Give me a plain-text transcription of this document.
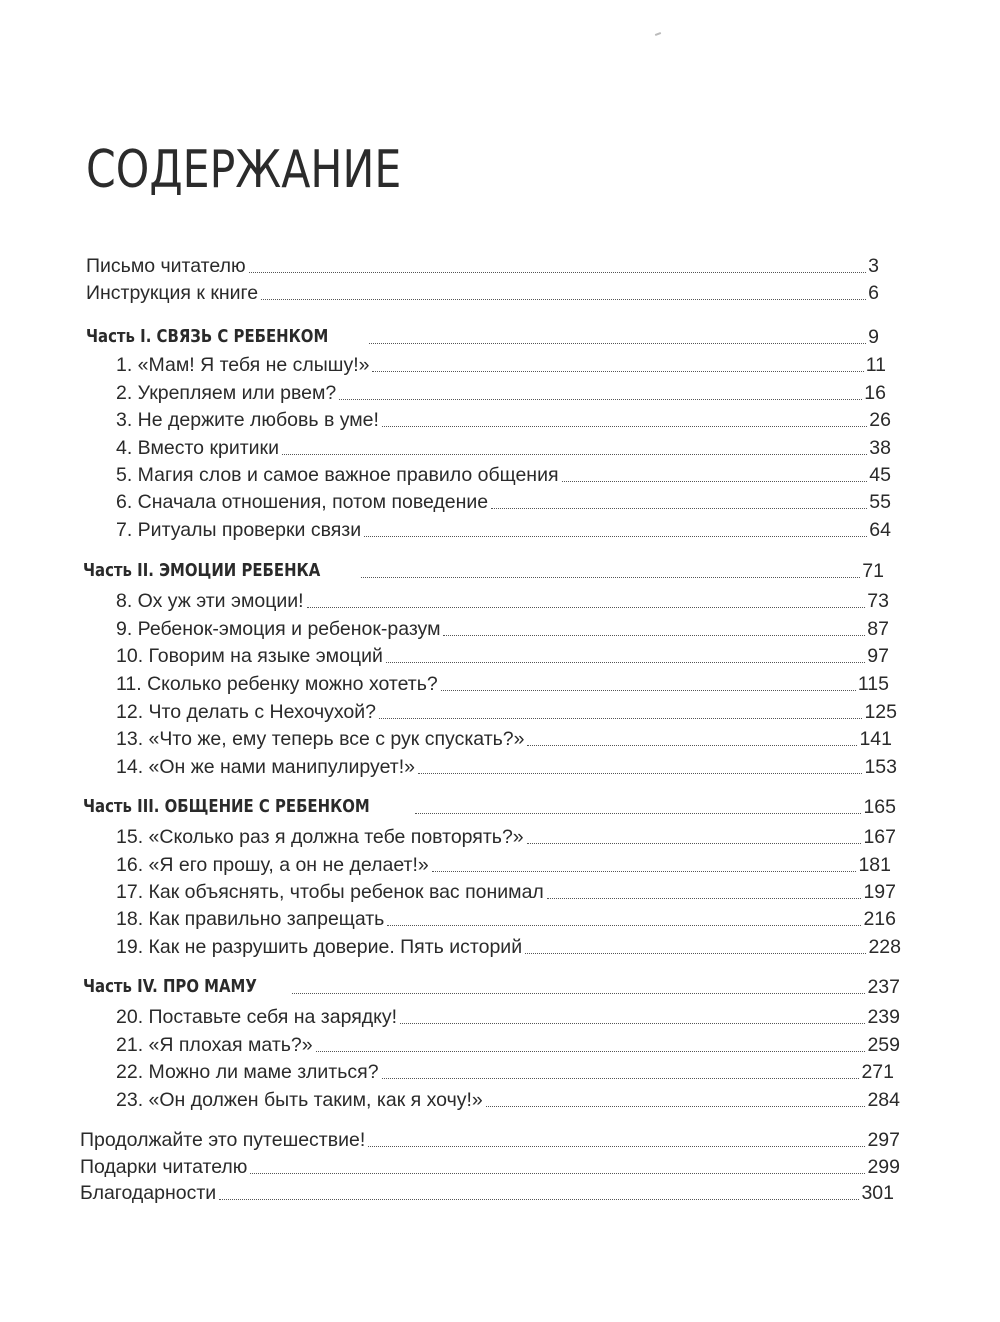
СОДЕРЖАНИЕ
Письмо читателю	3
Инструкция к книге	6
Часть I. СВЯЗЬ С РЕБЕНКОМ	9
1. «Мам! Я тебя не слышу!»	11
2. Укрепляем или рвем?	16
3. Не держите любовь в уме!	26
4. Вместо критики	38
5. Магия слов и самое важное правило общения	45
6. Сначала отношения, потом поведение	55
7. Ритуалы проверки связи	64
Часть II. ЭМОЦИИ РЕБЕНКА	71
8. Ох уж эти эмоции!	73
9. Ребенок-эмоция и ребенок-разум	87
10. Говорим на языке эмоций	97
11. Сколько ребенку можно хотеть?	115
12. Что делать с Нехочухой?	125
13. «Что же, ему теперь все с рук спускать?»	141
14. «Он же нами манипулирует!»	153
Часть III. ОБЩЕНИЕ С РЕБЕНКОМ	165
15. «Сколько раз я должна тебе повторять?»	167
16. «Я его прошу, а он не делает!»	181
17. Как объяснять, чтобы ребенок вас понимал	197
18. Как правильно запрещать	216
19. Как не разрушить доверие. Пять историй	228
Часть IV. ПРО МАМУ	237
20. Поставьте себя на зарядку!	239
21. «Я плохая мать?»	259
22. Можно ли маме злиться?	271
23. «Он должен быть таким, как я хочу!»	284
Продолжайте это путешествие!	297
Подарки читателю	299
Благодарности	301
